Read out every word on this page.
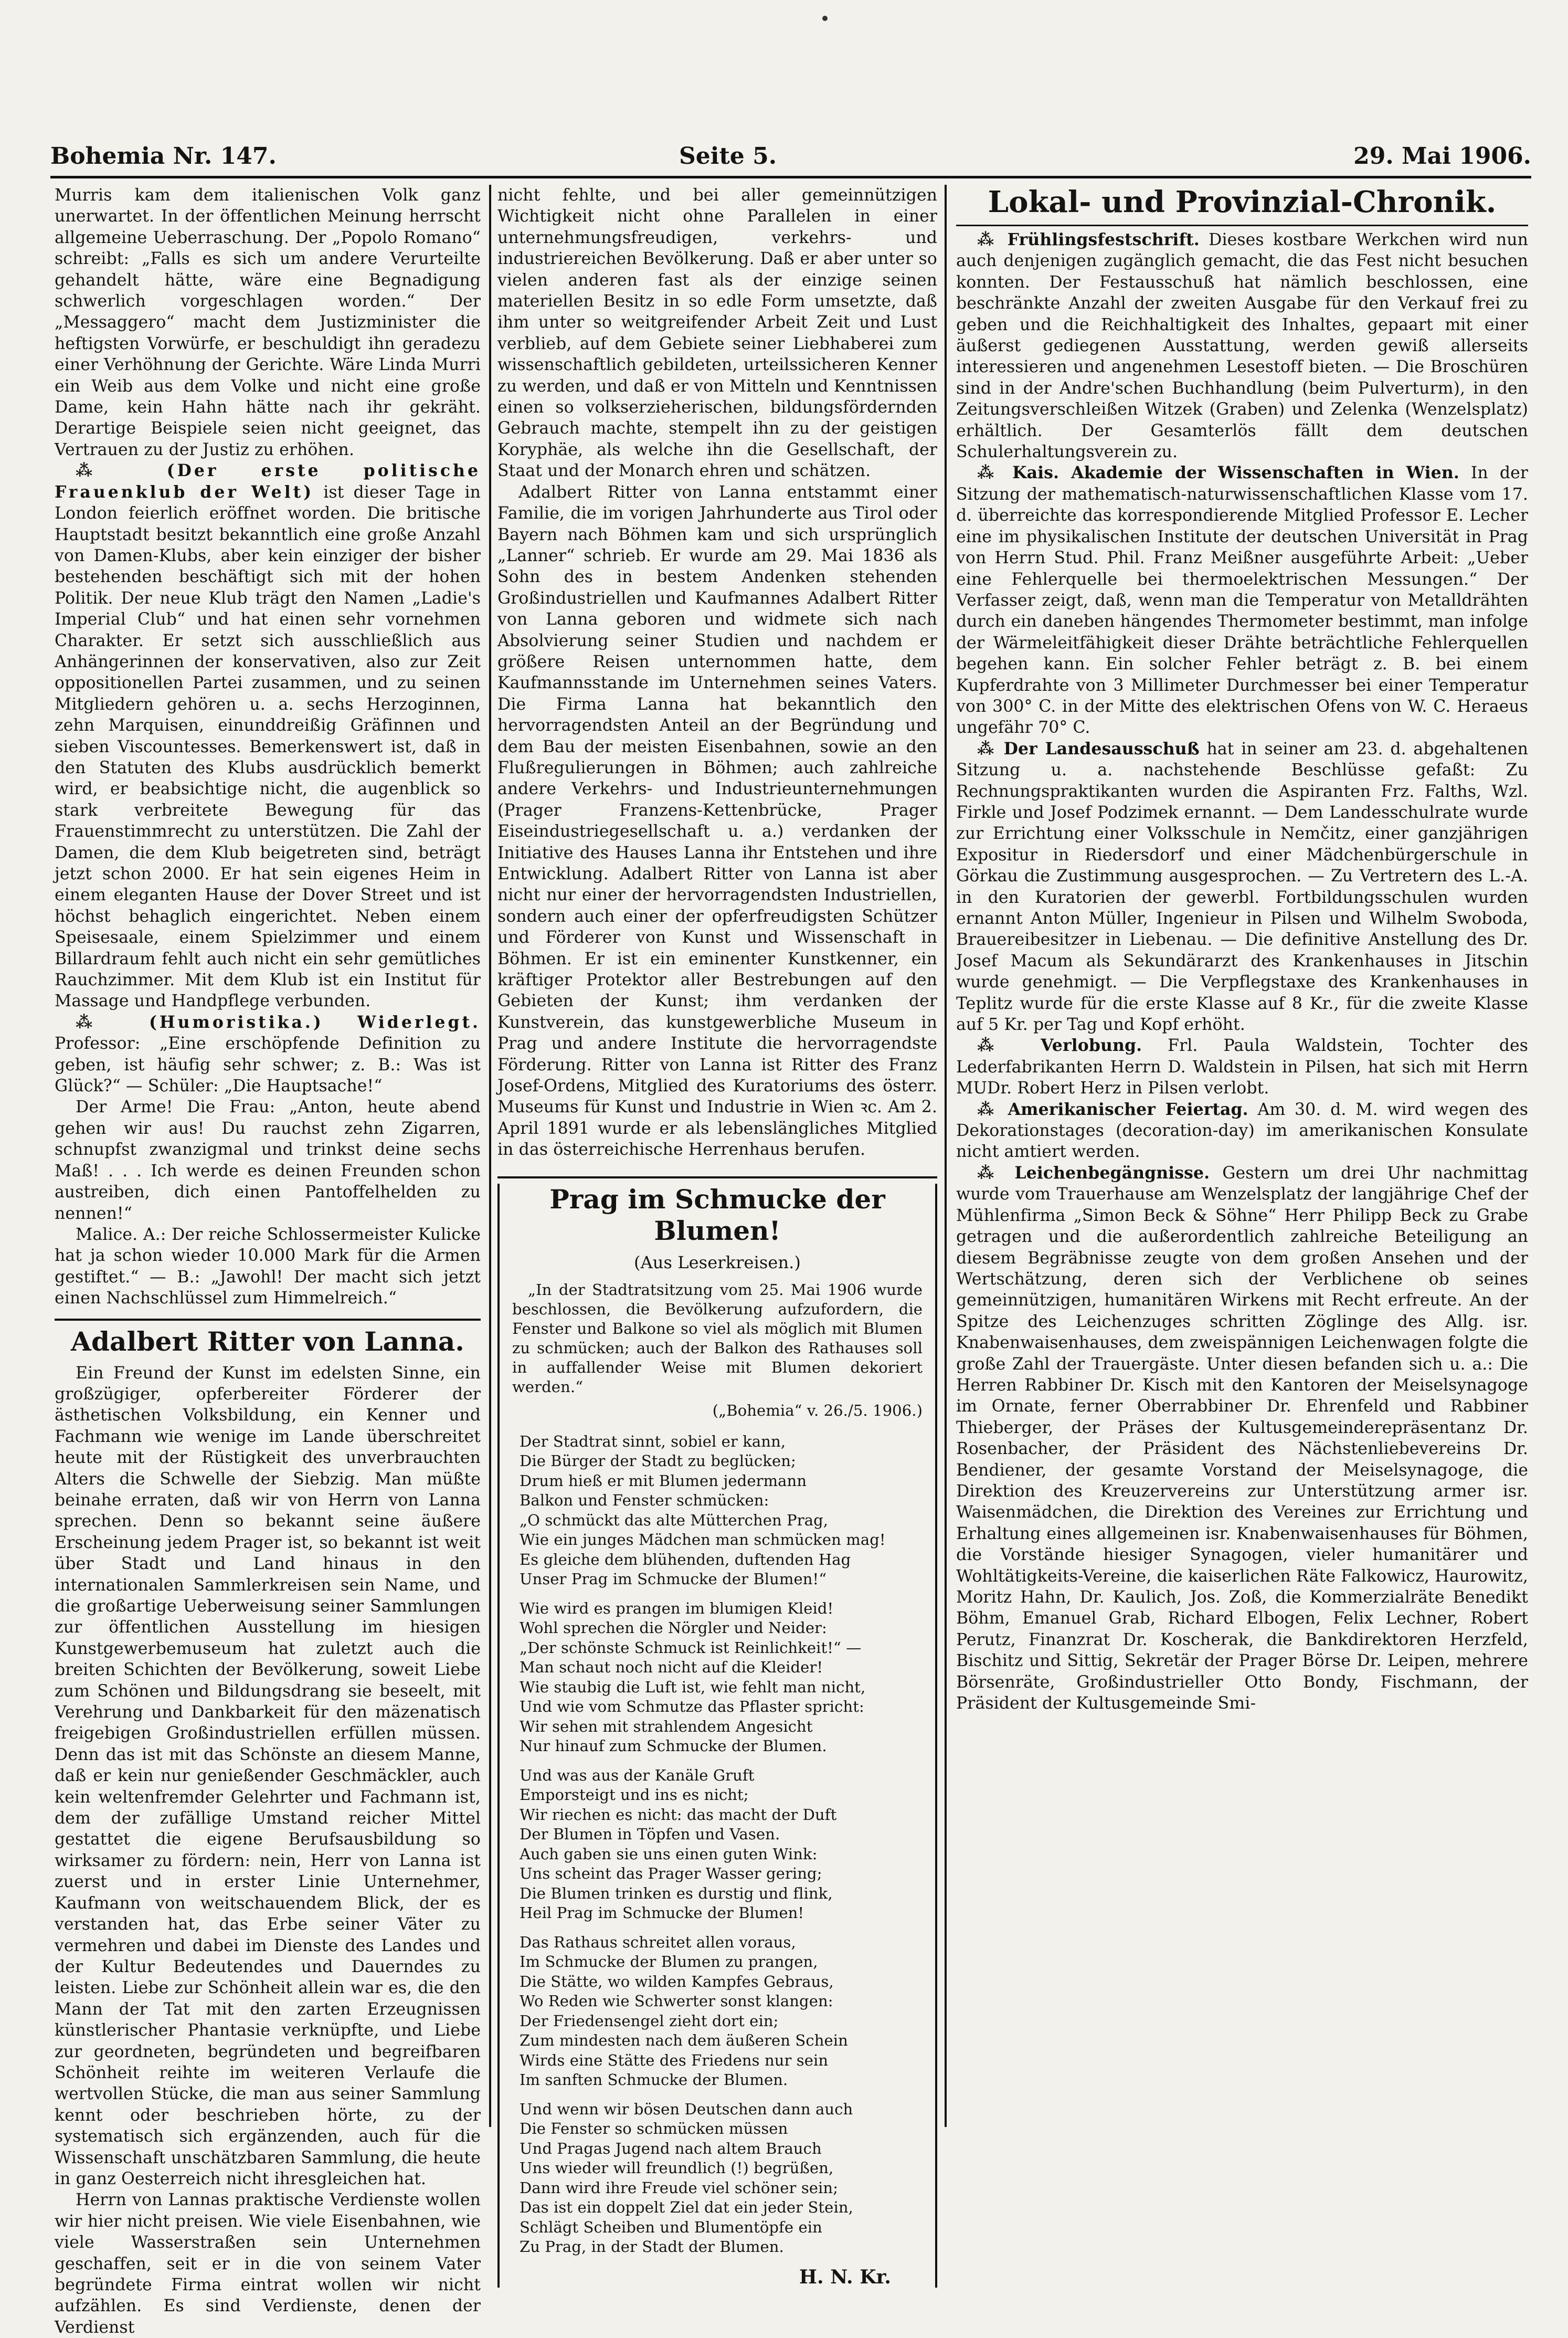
Bohemia Nr. 147.	Seite 5.	29. Mai 1906.

Murris kam dem italienischen Volk ganz unerwartet. In der öffentlichen Meinung herrscht allgemeine Ueberraschung. Der „Popolo Romano“ schreibt: „Falls es sich um andere Verurteilte gehandelt hätte, wäre eine Begnadigung schwerlich vorgeschlagen worden.“ Der „Messaggero“ macht dem Justizminister die heftigsten Vorwürfe, er beschuldigt ihn geradezu einer Verhöhnung der Gerichte. Wäre Linda Murri ein Weib aus dem Volke und nicht eine große Dame, kein Hahn hätte nach ihr gekräht. Derartige Beispiele seien nicht geeignet, das Vertrauen zu der Justiz zu erhöhen.

⁂ (Der erste politische Frauenklub der Welt) ist dieser Tage in London feierlich eröffnet worden. Die britische Hauptstadt besitzt bekanntlich eine große Anzahl von Damen-Klubs, aber kein einziger der bisher bestehenden beschäftigt sich mit der hohen Politik. Der neue Klub trägt den Namen „Ladie's Imperial Club“ und hat einen sehr vornehmen Charakter. Er setzt sich ausschließlich aus Anhängerinnen der konservativen, also zur Zeit oppositionellen Partei zusammen, und zu seinen Mitgliedern gehören u. a. sechs Herzoginnen, zehn Marquisen, einunddreißig Gräfinnen und sieben Viscountesses. Bemerkenswert ist, daß in den Statuten des Klubs ausdrücklich bemerkt wird, er beabsichtige nicht, die augenblick so stark verbreitete Bewegung für das Frauenstimmrecht zu unterstützen. Die Zahl der Damen, die dem Klub beigetreten sind, beträgt jetzt schon 2000. Er hat sein eigenes Heim in einem eleganten Hause der Dover Street und ist höchst behaglich eingerichtet. Neben einem Speisesaale, einem Spielzimmer und einem Billardraum fehlt auch nicht ein sehr gemütliches Rauchzimmer. Mit dem Klub ist ein Institut für Massage und Handpflege verbunden.

⁂ (Humoristika.) Widerlegt. Professor: „Eine erschöpfende Definition zu geben, ist häufig sehr schwer; z. B.: Was ist Glück?“ — Schüler: „Die Hauptsache!“

Der Arme! Die Frau: „Anton, heute abend gehen wir aus! Du rauchst zehn Zigarren, schnupfst zwanzigmal und trinkst deine sechs Maß! . . . Ich werde es deinen Freunden schon austreiben, dich einen Pantoffelhelden zu nennen!“

Malice. A.: Der reiche Schlossermeister Kulicke hat ja schon wieder 10.000 Mark für die Armen gestiftet.“ — B.: „Jawohl! Der macht sich jetzt einen Nachschlüssel zum Himmelreich.“

Adalbert Ritter von Lanna.

Ein Freund der Kunst im edelsten Sinne, ein großzügiger, opferbereiter Förderer der ästhetischen Volksbildung, ein Kenner und Fachmann wie wenige im Lande überschreitet heute mit der Rüstigkeit des unverbrauchten Alters die Schwelle der Siebzig. Man müßte beinahe erraten, daß wir von Herrn von Lanna sprechen. Denn so bekannt seine äußere Erscheinung jedem Prager ist, so bekannt ist weit über Stadt und Land hinaus in den internationalen Sammlerkreisen sein Name, und die großartige Ueberweisung seiner Sammlungen zur öffentlichen Ausstellung im hiesigen Kunstgewerbemuseum hat zuletzt auch die breiten Schichten der Bevölkerung, soweit Liebe zum Schönen und Bildungsdrang sie beseelt, mit Verehrung und Dankbarkeit für den mäzenatisch freigebigen Großindustriellen erfüllen müssen. Denn das ist mit das Schönste an diesem Manne, daß er kein nur genießender Geschmäckler, auch kein weltenfremder Gelehrter und Fachmann ist, dem der zufällige Umstand reicher Mittel gestattet die eigene Berufsausbildung so wirksamer zu fördern: nein, Herr von Lanna ist zuerst und in erster Linie Unternehmer, Kaufmann von weitschauendem Blick, der es verstanden hat, das Erbe seiner Väter zu vermehren und dabei im Dienste des Landes und der Kultur Bedeutendes und Dauerndes zu leisten. Liebe zur Schönheit allein war es, die den Mann der Tat mit den zarten Erzeugnissen künstlerischer Phantasie verknüpfte, und Liebe zur geordneten, begründeten und begreifbaren Schönheit reihte im weiteren Verlaufe die wertvollen Stücke, die man aus seiner Sammlung kennt oder beschrieben hörte, zu der systematisch sich ergänzenden, auch für die Wissenschaft unschätzbaren Sammlung, die heute in ganz Oesterreich nicht ihresgleichen hat.

Herrn von Lannas praktische Verdienste wollen wir hier nicht preisen. Wie viele Eisenbahnen, wie viele Wasserstraßen sein Unternehmen geschaffen, seit er in die von seinem Vater begründete Firma eintrat wollen wir nicht aufzählen. Es sind Verdienste, denen der Verdienst

nicht fehlte, und bei aller gemeinnützigen Wichtigkeit nicht ohne Parallelen in einer unternehmungsfreudigen, verkehrs- und industriereichen Bevölkerung. Daß er aber unter so vielen anderen fast als der einzige seinen materiellen Besitz in so edle Form umsetzte, daß ihm unter so weitgreifender Arbeit Zeit und Lust verblieb, auf dem Gebiete seiner Liebhaberei zum wissenschaftlich gebildeten, urteilssicheren Kenner zu werden, und daß er von Mitteln und Kenntnissen einen so volkserzieherischen, bildungsfördernden Gebrauch machte, stempelt ihn zu der geistigen Koryphäe, als welche ihn die Gesellschaft, der Staat und der Monarch ehren und schätzen.

Adalbert Ritter von Lanna entstammt einer Familie, die im vorigen Jahrhunderte aus Tirol oder Bayern nach Böhmen kam und sich ursprünglich „Lanner“ schrieb. Er wurde am 29. Mai 1836 als Sohn des in bestem Andenken stehenden Großindustriellen und Kaufmannes Adalbert Ritter von Lanna geboren und widmete sich nach Absolvierung seiner Studien und nachdem er größere Reisen unternommen hatte, dem Kaufmannsstande im Unternehmen seines Vaters. Die Firma Lanna hat bekanntlich den hervorragendsten Anteil an der Begründung und dem Bau der meisten Eisenbahnen, sowie an den Flußregulierungen in Böhmen; auch zahlreiche andere Verkehrs- und Industrieunternehmungen (Prager Franzens-Kettenbrücke, Prager Eiseindustriegesellschaft u. a.) verdanken der Initiative des Hauses Lanna ihr Entstehen und ihre Entwicklung. Adalbert Ritter von Lanna ist aber nicht nur einer der hervorragendsten Industriellen, sondern auch einer der opferfreudigsten Schützer und Förderer von Kunst und Wissenschaft in Böhmen. Er ist ein eminenter Kunstkenner, ein kräftiger Protektor aller Bestrebungen auf den Gebieten der Kunst; ihm verdanken der Kunstverein, das kunstgewerbliche Museum in Prag und andere Institute die hervorragendste Förderung. Ritter von Lanna ist Ritter des Franz Josef-Ordens, Mitglied des Kuratoriums des österr. Museums für Kunst und Industrie in Wien ꝛc. Am 2. April 1891 wurde er als lebenslängliches Mitglied in das österreichische Herrenhaus berufen.

Prag im Schmucke der Blumen!
(Aus Leserkreisen.)

„In der Stadtratsitzung vom 25. Mai 1906 wurde beschlossen, die Bevölkerung aufzufordern, die Fenster und Balkone so viel als möglich mit Blumen zu schmücken; auch der Balkon des Rathauses soll in auffallender Weise mit Blumen dekoriert werden.“

(„Bohemia“ v. 26./5. 1906.)
Der Stadtrat sinnt, sobiel er kann,
Die Bürger der Stadt zu beglücken;
Drum hieß er mit Blumen jedermann
Balkon und Fenster schmücken:
„O schmückt das alte Mütterchen Prag,
Wie ein junges Mädchen man schmücken mag!
Es gleiche dem blühenden, duftenden Hag
Unser Prag im Schmucke der Blumen!“
Wie wird es prangen im blumigen Kleid!
Wohl sprechen die Nörgler und Neider:
„Der schönste Schmuck ist Reinlichkeit!“ —
Man schaut noch nicht auf die Kleider!
Wie staubig die Luft ist, wie fehlt man nicht,
Und wie vom Schmutze das Pflaster spricht:
Wir sehen mit strahlendem Angesicht
Nur hinauf zum Schmucke der Blumen.
Und was aus der Kanäle Gruft
Emporsteigt und ins es nicht;
Wir riechen es nicht: das macht der Duft
Der Blumen in Töpfen und Vasen.
Auch gaben sie uns einen guten Wink:
Uns scheint das Prager Wasser gering;
Die Blumen trinken es durstig und flink,
Heil Prag im Schmucke der Blumen!
Das Rathaus schreitet allen voraus,
Im Schmucke der Blumen zu prangen,
Die Stätte, wo wilden Kampfes Gebraus,
Wo Reden wie Schwerter sonst klangen:
Der Friedensengel zieht dort ein;
Zum mindesten nach dem äußeren Schein
Wirds eine Stätte des Friedens nur sein
Im sanften Schmucke der Blumen.
Und wenn wir bösen Deutschen dann auch
Die Fenster so schmücken müssen
Und Pragas Jugend nach altem Brauch
Uns wieder will freundlich (!) begrüßen,
Dann wird ihre Freude viel schöner sein;
Das ist ein doppelt Ziel dat ein jeder Stein,
Schlägt Scheiben und Blumentöpfe ein
Zu Prag, in der Stadt der Blumen.
H. N. Kr.
Lokal- und Provinzial-Chronik.

⁂ Frühlingsfestschrift. Dieses kostbare Werkchen wird nun auch denjenigen zugänglich gemacht, die das Fest nicht besuchen konnten. Der Festausschuß hat nämlich beschlossen, eine beschränkte Anzahl der zweiten Ausgabe für den Verkauf frei zu geben und die Reichhaltigkeit des Inhaltes, gepaart mit einer äußerst gediegenen Ausstattung, werden gewiß allerseits interessieren und angenehmen Lesestoff bieten. — Die Broschüren sind in der Andre'schen Buchhandlung (beim Pulverturm), in den Zeitungsverschleißen Witzek (Graben) und Zelenka (Wenzelsplatz) erhältlich. Der Gesamterlös fällt dem deutschen Schulerhaltungsverein zu.

⁂ Kais. Akademie der Wissenschaften in Wien. In der Sitzung der mathematisch-naturwissenschaftlichen Klasse vom 17. d. überreichte das korrespondierende Mitglied Professor E. Lecher eine im physikalischen Institute der deutschen Universität in Prag von Herrn Stud. Phil. Franz Meißner ausgeführte Arbeit: „Ueber eine Fehlerquelle bei thermoelektrischen Messungen.“ Der Verfasser zeigt, daß, wenn man die Temperatur von Metalldrähten durch ein daneben hängendes Thermometer bestimmt, man infolge der Wärmeleitfähigkeit dieser Drähte beträchtliche Fehlerquellen begehen kann. Ein solcher Fehler beträgt z. B. bei einem Kupferdrahte von 3 Millimeter Durchmesser bei einer Temperatur von 300° C. in der Mitte des elektrischen Ofens von W. C. Heraeus ungefähr 70° C.

⁂ Der Landesausschuß hat in seiner am 23. d. abgehaltenen Sitzung u. a. nachstehende Beschlüsse gefaßt: Zu Rechnungspraktikanten wurden die Aspiranten Frz. Falths, Wzl. Firkle und Josef Podzimek ernannt. — Dem Landesschulrate wurde zur Errichtung einer Volksschule in Nemčitz, einer ganzjährigen Expositur in Riedersdorf und einer Mädchenbürgerschule in Görkau die Zustimmung ausgesprochen. — Zu Vertretern des L.-A. in den Kuratorien der gewerbl. Fortbildungsschulen wurden ernannt Anton Müller, Ingenieur in Pilsen und Wilhelm Swoboda, Brauereibesitzer in Liebenau. — Die definitive Anstellung des Dr. Josef Macum als Sekundärarzt des Krankenhauses in Jitschin wurde genehmigt. — Die Verpflegstaxe des Krankenhauses in Teplitz wurde für die erste Klasse auf 8 Kr., für die zweite Klasse auf 5 Kr. per Tag und Kopf erhöht.

⁂ Verlobung. Frl. Paula Waldstein, Tochter des Lederfabrikanten Herrn D. Waldstein in Pilsen, hat sich mit Herrn MUDr. Robert Herz in Pilsen verlobt.

⁂ Amerikanischer Feiertag. Am 30. d. M. wird wegen des Dekorationstages (decoration-day) im amerikanischen Konsulate nicht amtiert werden.

⁂ Leichenbegängnisse. Gestern um drei Uhr nachmittag wurde vom Trauerhause am Wenzelsplatz der langjährige Chef der Mühlenfirma „Simon Beck & Söhne“ Herr Philipp Beck zu Grabe getragen und die außerordentlich zahlreiche Beteiligung an diesem Begräbnisse zeugte von dem großen Ansehen und der Wertschätzung, deren sich der Verblichene ob seines gemeinnützigen, humanitären Wirkens mit Recht erfreute. An der Spitze des Leichenzuges schritten Zöglinge des Allg. isr. Knabenwaisenhauses, dem zweispännigen Leichenwagen folgte die große Zahl der Trauergäste. Unter diesen befanden sich u. a.: Die Herren Rabbiner Dr. Kisch mit den Kantoren der Meiselsynagoge im Ornate, ferner Oberrabbiner Dr. Ehrenfeld und Rabbiner Thieberger, der Präses der Kultusgemeinderepräsentanz Dr. Rosenbacher, der Präsident des Nächstenliebevereins Dr. Bendiener, der gesamte Vorstand der Meiselsynagoge, die Direktion des Kreuzervereins zur Unterstützung armer isr. Waisenmädchen, die Direktion des Vereines zur Errichtung und Erhaltung eines allgemeinen isr. Knabenwaisenhauses für Böhmen, die Vorstände hiesiger Synagogen, vieler humanitärer und Wohltätigkeits-Vereine, die kaiserlichen Räte Falkowicz, Haurowitz, Moritz Hahn, Dr. Kaulich, Jos. Zoß, die Kommerzialräte Benedikt Böhm, Emanuel Grab, Richard Elbogen, Felix Lechner, Robert Perutz, Finanzrat Dr. Koscherak, die Bankdirektoren Herzfeld, Bischitz und Sittig, Sekretär der Prager Börse Dr. Leipen, mehrere Börsenräte, Großindustrieller Otto Bondy, Fischmann, der Präsident der Kultusgemeinde Smi-
